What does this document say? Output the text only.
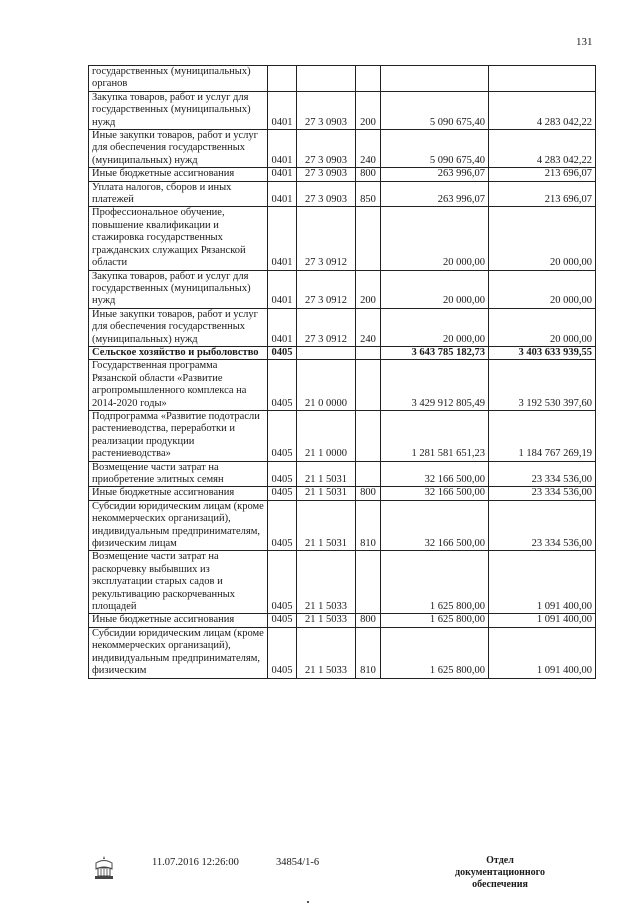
131
государственных (муниципальных) органов					
Закупка товаров, работ и услуг для государственных (муниципальных) нужд	0401	27 3 0903	200	5 090 675,40	4 283 042,22
Иные закупки товаров, работ и услуг для обеспечения государственных (муниципальных) нужд	0401	27 3 0903	240	5 090 675,40	4 283 042,22
Иные бюджетные ассигнования	0401	27 3 0903	800	263 996,07	213 696,07
Уплата налогов, сборов и иных платежей	0401	27 3 0903	850	263 996,07	213 696,07
Профессиональное обучение, повышение квалификации и стажировка государственных гражданских служащих Рязанской области	0401	27 3 0912		20 000,00	20 000,00
Закупка товаров, работ и услуг для государственных (муниципальных) нужд	0401	27 3 0912	200	20 000,00	20 000,00
Иные закупки товаров, работ и услуг для обеспечения государственных (муниципальных) нужд	0401	27 3 0912	240	20 000,00	20 000,00
Сельское хозяйство и рыболовство	0405			3 643 785 182,73	3 403 633 939,55
Государственная программа Рязанской области «Развитие агропромышленного комплекса на 2014-2020 годы»	0405	21 0 0000		3 429 912 805,49	3 192 530 397,60
Подпрограмма «Развитие подотрасли растениеводства, переработки и реализации продукции растениеводства»	0405	21 1 0000		1 281 581 651,23	1 184 767 269,19
Возмещение части затрат на приобретение элитных семян	0405	21 1 5031		32 166 500,00	23 334 536,00
Иные бюджетные ассигнования	0405	21 1 5031	800	32 166 500,00	23 334 536,00
Субсидии юридическим лицам (кроме некоммерческих организаций), индивидуальным предпринимателям, физическим лицам	0405	21 1 5031	810	32 166 500,00	23 334 536,00
Возмещение части затрат на раскорчевку выбывших из эксплуатации старых садов и рекультивацию раскорчеванных площадей	0405	21 1 5033		1 625 800,00	1 091 400,00
Иные бюджетные ассигнования	0405	21 1 5033	800	1 625 800,00	1 091 400,00
Субсидии юридическим лицам (кроме некоммерческих организаций), индивидуальным предпринимателям, физическим	0405	21 1 5033	810	1 625 800,00	1 091 400,00
11.07.2016 12:26:00	34854/1-6	Отдел документационного обеспечения
